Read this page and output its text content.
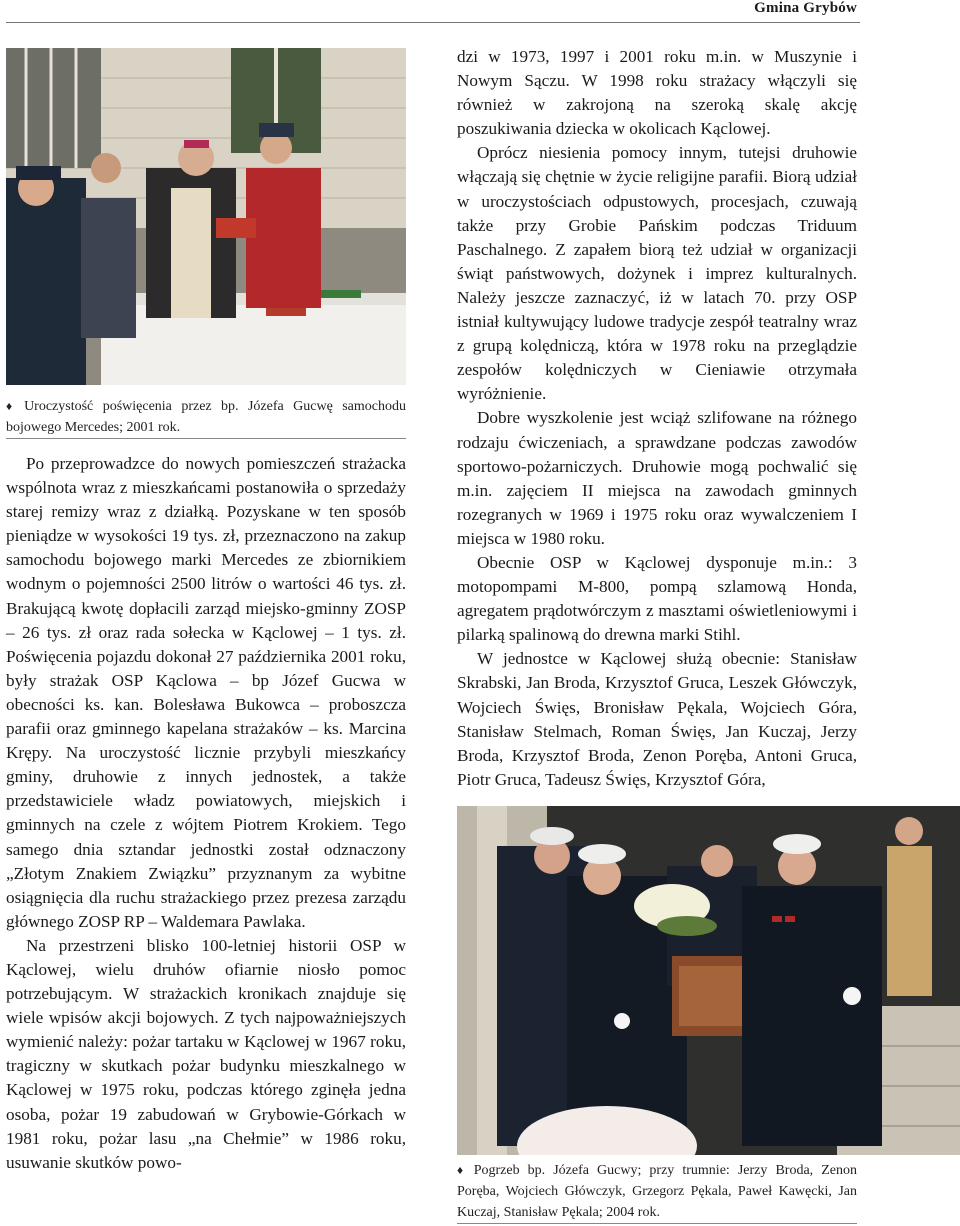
Gmina Grybów
♦ Uroczystość poświęcenia przez bp. Józefa Gucwę samochodu bojowego Mercedes; 2001 rok.

Po przeprowadzce do nowych pomieszczeń strażacka wspólnota wraz z mieszkańcami postanowiła o sprzedaży starej remizy wraz z działką. Pozyskane w ten sposób pieniądze w wysokości 19 tys. zł, przeznaczono na zakup samochodu bojowego marki Mercedes ze zbiornikiem wodnym o pojemności 2500 litrów o wartości 46 tys. zł. Brakującą kwotę dopłacili zarząd miejsko-gminny ZOSP – 26 tys. zł oraz rada sołecka w Kąclowej – 1 tys. zł. Poświęcenia pojazdu dokonał 27 października 2001 roku, były strażak OSP Kąclowa – bp Józef Gucwa w obecności ks. kan. Bolesława Bukowca – proboszcza parafii oraz gminnego kapelana strażaków – ks. Marcina Krępy. Na uroczystość licznie przybyli mieszkańcy gminy, druhowie z innych jednostek, a także przedstawiciele władz powiatowych, miejskich i gminnych na czele z wójtem Piotrem Krokiem. Tego samego dnia sztandar jednostki został odznaczony „Złotym Znakiem Związku” przyznanym za wybitne osiągnięcia dla ruchu strażackiego przez prezesa zarządu głównego ZOSP RP – Waldemara Pawlaka.

Na przestrzeni blisko 100-letniej historii OSP w Kąclowej, wielu druhów ofiarnie niosło pomoc potrzebującym. W strażackich kronikach znajduje się wiele wpisów akcji bojowych. Z tych najpoważniejszych wymienić należy: pożar tartaku w Kąclowej w 1967 roku, tragiczny w skutkach pożar budynku mieszkalnego w Kąclowej w 1975 roku, podczas którego zginęła jedna osoba, pożar 19 zabudowań w Grybowie-Górkach w 1981 roku, pożar lasu „na Chełmie” w 1986 roku, usuwanie skutków powo-

dzi w 1973, 1997 i 2001 roku m.in. w Muszynie i Nowym Sączu. W 1998 roku strażacy włączyli się również w zakrojoną na szeroką skalę akcję poszukiwania dziecka w okolicach Kąclowej.

Oprócz niesienia pomocy innym, tutejsi druhowie włączają się chętnie w życie religijne parafii. Biorą udział w uroczystościach odpustowych, procesjach, czuwają także przy Grobie Pańskim podczas Triduum Paschalnego. Z zapałem biorą też udział w organizacji świąt państwowych, dożynek i imprez kulturalnych. Należy jeszcze zaznaczyć, iż w latach 70. przy OSP istniał kultywujący ludowe tradycje zespół teatralny wraz z grupą kolędniczą, która w 1978 roku na przeglądzie zespołów kolędniczych w Cieniawie otrzymała wyróżnienie.

Dobre wyszkolenie jest wciąż szlifowane na różnego rodzaju ćwiczeniach, a sprawdzane podczas zawodów sportowo-pożarniczych. Druhowie mogą pochwalić się m.in. zajęciem II miejsca na zawodach gminnych rozegranych w 1969 i 1975 roku oraz wywalczeniem I miejsca w 1980 roku.

Obecnie OSP w Kąclowej dysponuje m.in.: 3 motopompami M-800, pompą szlamową Honda, agregatem prądotwórczym z masztami oświetleniowymi i pilarką spalinową do drewna marki Stihl.

W jednostce w Kąclowej służą obecnie: Stanisław Skrabski, Jan Broda, Krzysztof Gruca, Leszek Główczyk, Wojciech Święs, Bronisław Pękala, Wojciech Góra, Stanisław Stelmach, Roman Święs, Jan Kuczaj, Jerzy Broda, Krzysztof Broda, Zenon Poręba, Antoni Gruca, Piotr Gruca, Tadeusz Święs, Krzysztof Góra,

♦ Pogrzeb bp. Józefa Gucwy; przy trumnie: Jerzy Broda, Zenon Poręba, Wojciech Główczyk, Grzegorz Pękala, Paweł Kawęcki, Jan Kuczaj, Stanisław Pękala; 2004 rok.
